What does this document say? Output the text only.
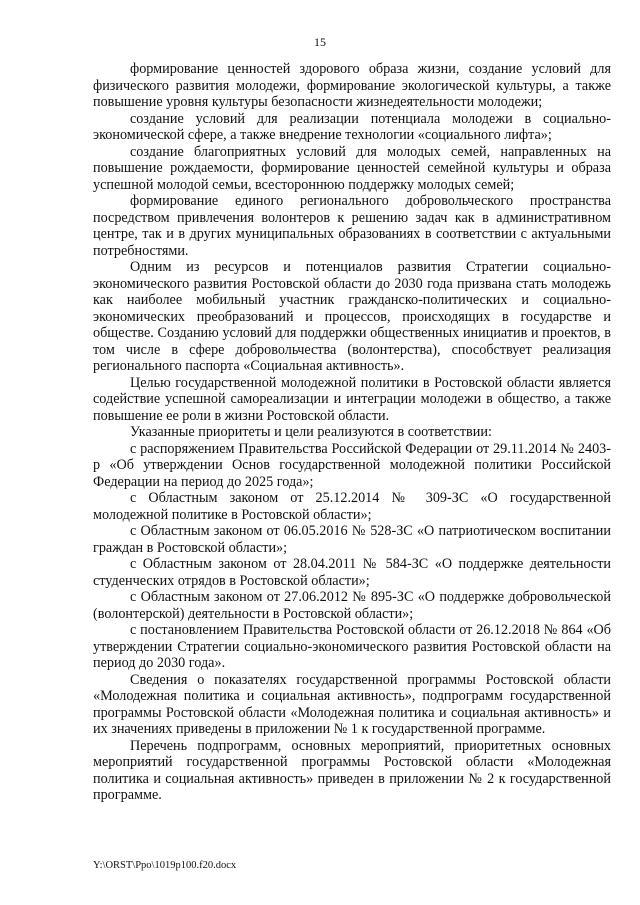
15

формирование ценностей здорового образа жизни, создание условий для физического развития молодежи, формирование экологической культуры, а также повышение уровня культуры безопасности жизнедеятельности молодежи;

создание условий для реализации потенциала молодежи в социально-экономической сфере, а также внедрение технологии «социального лифта»;

создание благоприятных условий для молодых семей, направленных на повышение рождаемости, формирование ценностей семейной культуры и образа успешной молодой семьи, всестороннюю поддержку молодых семей;

формирование единого регионального добровольческого пространства посредством привлечения волонтеров к решению задач как в административном центре, так и в других муниципальных образованиях в соответствии с актуальными потребностями.

Одним из ресурсов и потенциалов развития Стратегии социально-экономического развития Ростовской области до 2030 года призвана стать молодежь как наиболее мобильный участник гражданско-политических и социально-экономических преобразований и процессов, происходящих в государстве и обществе. Созданию условий для поддержки общественных инициатив и проектов, в том числе в сфере добровольчества (волонтерства), способствует реализация регионального паспорта «Социальная активность».

Целью государственной молодежной политики в Ростовской области является содействие успешной самореализации и интеграции молодежи в общество, а также повышение ее роли в жизни Ростовской области.

Указанные приоритеты и цели реализуются в соответствии:

с распоряжением Правительства Российской Федерации от 29.11.2014 № 2403-р «Об утверждении Основ государственной молодежной политики Российской Федерации на период до 2025 года»;

с Областным законом от 25.12.2014 № 309-ЗС «О государственной молодежной политике в Ростовской области»;

с Областным законом от 06.05.2016 № 528-ЗС «О патриотическом воспитании граждан в Ростовской области»;

с Областным законом от 28.04.2011 № 584-ЗС «О поддержке деятельности студенческих отрядов в Ростовской области»;

с Областным законом от 27.06.2012 № 895-ЗС «О поддержке добровольческой (волонтерской) деятельности в Ростовской области»;

с постановлением Правительства Ростовской области от 26.12.2018 № 864 «Об утверждении Стратегии социально-экономического развития Ростовской области на период до 2030 года».

Сведения о показателях государственной программы Ростовской области «Молодежная политика и социальная активность», подпрограмм государственной программы Ростовской области «Молодежная политика и социальная активность» и их значениях приведены в приложении № 1 к государственной программе.

Перечень подпрограмм, основных мероприятий, приоритетных основных мероприятий государственной программы Ростовской области «Молодежная политика и социальная активность» приведен в приложении № 2 к государственной программе.

Y:\ORST\Ppo\1019p100.f20.docx
